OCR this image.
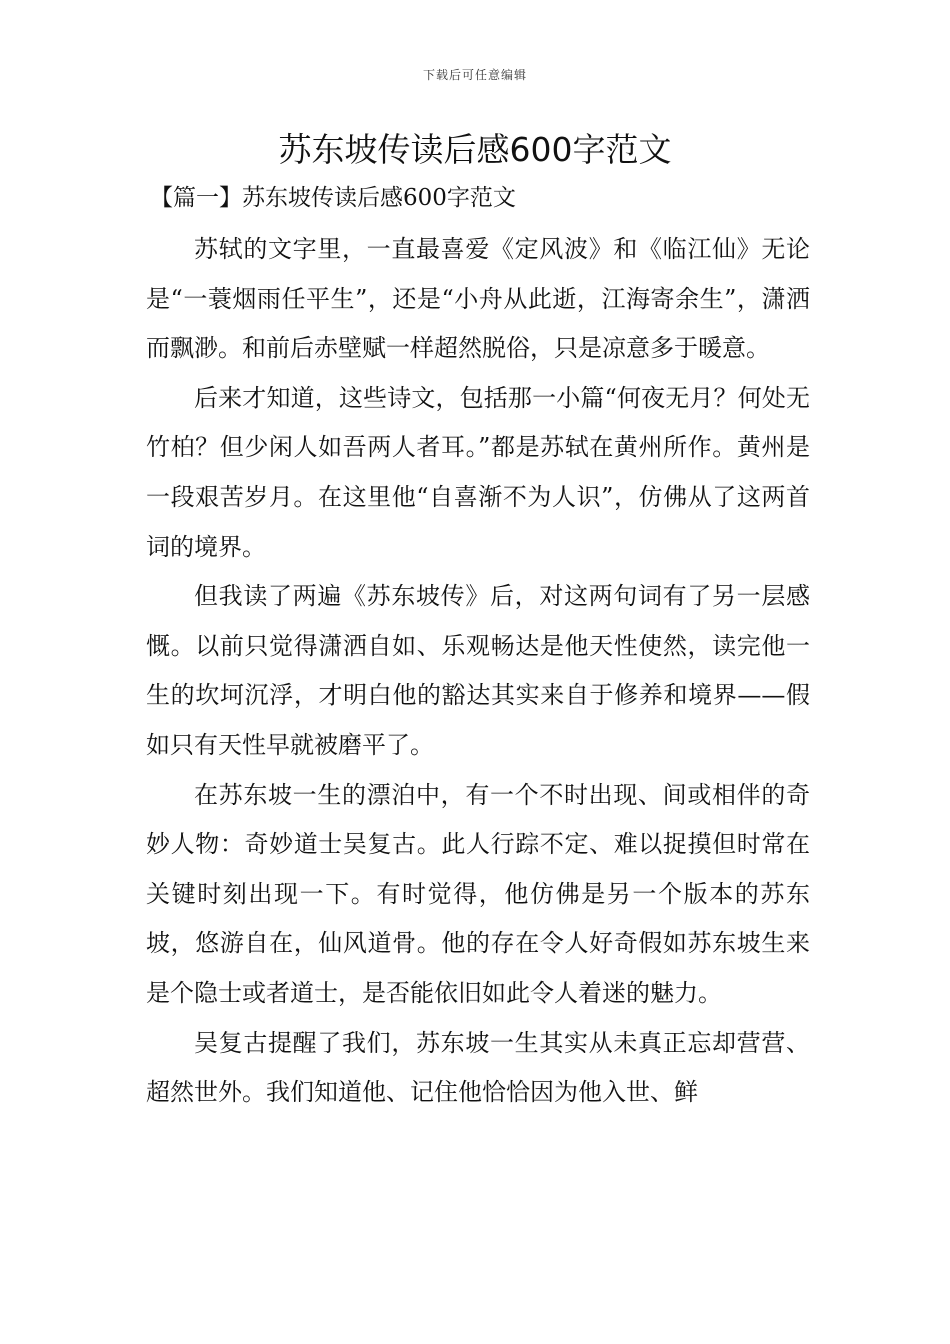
下载后可任意编辑
苏东坡传读后感600字范文
【篇一】苏东坡传读后感600字范文

苏轼的文字里，一直最喜爱《定风波》和《临江仙》无论是“一蓑烟雨任平生”，还是“小舟从此逝，江海寄余生”，潇洒而飘渺。和前后赤壁赋一样超然脱俗，只是凉意多于暖意。

后来才知道，这些诗文，包括那一小篇“何夜无月？何处无竹柏？但少闲人如吾两人者耳。”都是苏轼在黄州所作。黄州是一段艰苦岁月。在这里他“自喜渐不为人识”，仿佛从了这两首词的境界。

但我读了两遍《苏东坡传》后，对这两句词有了另一层感慨。以前只觉得潇洒自如、乐观畅达是他天性使然，读完他一生的坎坷沉浮，才明白他的豁达其实来自于修养和境界——假如只有天性早就被磨平了。

在苏东坡一生的漂泊中，有一个不时出现、间或相伴的奇妙人物：奇妙道士吴复古。此人行踪不定、难以捉摸但时常在关键时刻出现一下。有时觉得，他仿佛是另一个版本的苏东坡，悠游自在，仙风道骨。他的存在令人好奇假如苏东坡生来是个隐士或者道士，是否能依旧如此令人着迷的魅力。

吴复古提醒了我们，苏东坡一生其实从未真正忘却营营、超然世外。我们知道他、记住他恰恰因为他入世、鲜
